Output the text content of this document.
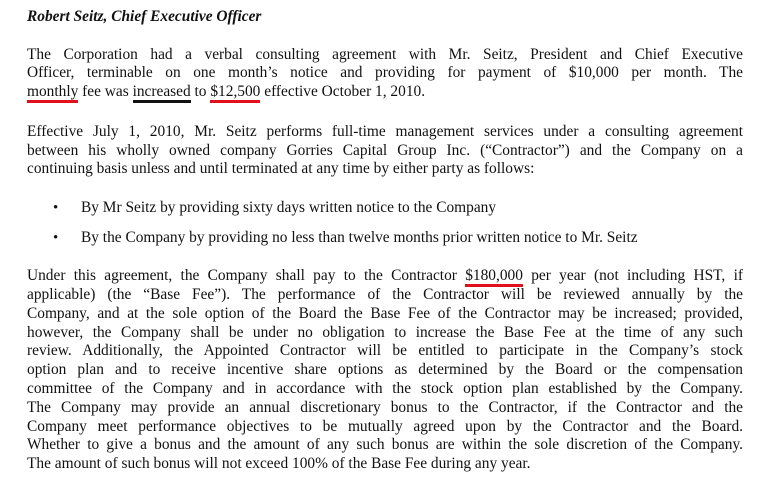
Robert Seitz, Chief Executive Officer
The Corporation had a verbal consulting agreement with Mr. Seitz, President and Chief Executive
Officer, terminable on one month’s notice and providing for payment of $10,000 per month. The
monthly fee was increased to $12,500 effective October 1, 2010.
Effective July 1, 2010, Mr. Seitz performs full-time management services under a consulting agreement
between his wholly owned company Gorries Capital Group Inc. (“Contractor”) and the Company on a
continuing basis unless and until terminated at any time by either party as follows:
• By Mr Seitz by providing sixty days written notice to the Company
• By the Company by providing no less than twelve months prior written notice to Mr. Seitz
Under this agreement, the Company shall pay to the Contractor $180,000 per year (not including HST, if
applicable) (the “Base Fee”). The performance of the Contractor will be reviewed annually by the
Company, and at the sole option of the Board the Base Fee of the Contractor may be increased; provided,
however, the Company shall be under no obligation to increase the Base Fee at the time of any such
review. Additionally, the Appointed Contractor will be entitled to participate in the Company’s stock
option plan and to receive incentive share options as determined by the Board or the compensation
committee of the Company and in accordance with the stock option plan established by the Company.
The Company may provide an annual discretionary bonus to the Contractor, if the Contractor and the
Company meet performance objectives to be mutually agreed upon by the Contractor and the Board.
Whether to give a bonus and the amount of any such bonus are within the sole discretion of the Company.
The amount of such bonus will not exceed 100% of the Base Fee during any year.
